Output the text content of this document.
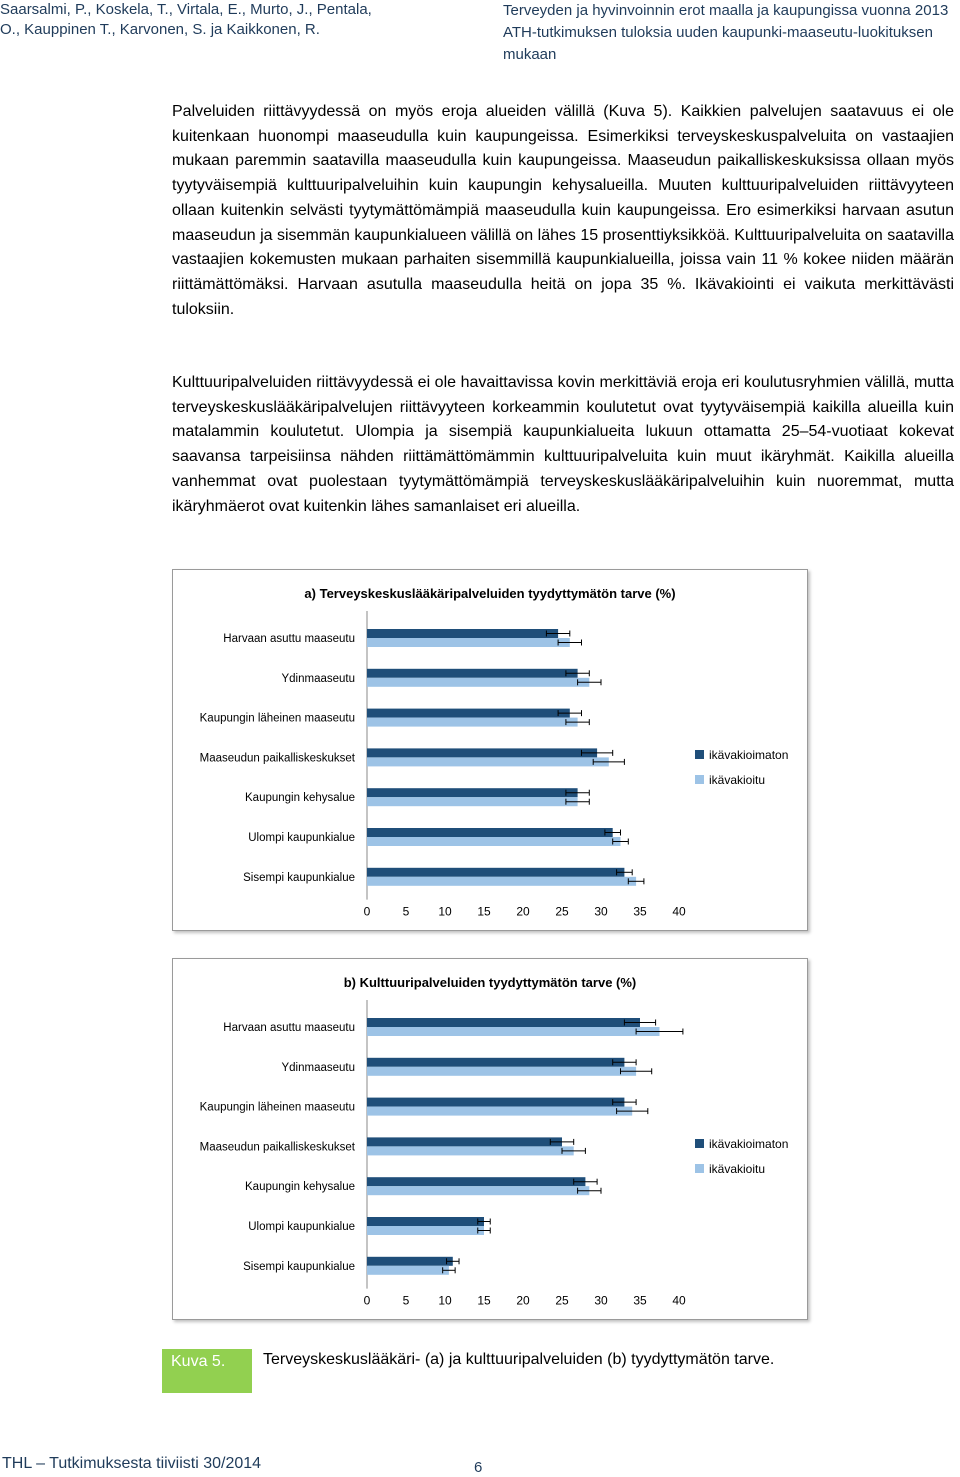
Saarsalmi, P., Koskela, T., Virtala, E., Murto, J., Pentala, O., Kauppinen T., Karvonen, S. ja Kaikkonen, R.
Terveyden ja hyvinvoinnin erot maalla ja kaupungissa vuonna 2013 ATH-tutkimuksen tuloksia uuden kaupunki-maaseutu-luokituksen mukaan
Palveluiden riittävyydessä on myös eroja alueiden välillä (Kuva 5). Kaikkien palvelujen saatavuus ei ole kuitenkaan huonompi maaseudulla kuin kaupungeissa. Esimerkiksi terveyskeskuspalveluita on vastaajien mukaan paremmin saatavilla maaseudulla kuin kaupungeissa. Maaseudun paikalliskeskuksissa ollaan myös tyytyväisempiä kulttuuripalveluihin kuin kaupungin kehysalueilla. Muuten kulttuuripalveluiden riittävyyteen ollaan kuitenkin selvästi tyytymättömämpiä maaseudulla kuin kaupungeissa. Ero esimerkiksi harvaan asutun maaseudun ja sisemmän kaupunkialueen välillä on lähes 15 prosenttiyksikköä. Kulttuuripalveluita on saatavilla vastaajien kokemusten mukaan parhaiten sisemmillä kaupunkialueilla, joissa vain 11 % kokee niiden määrän riittämättömäksi. Harvaan asutulla maaseudulla heitä on jopa 35 %. Ikävakiointi ei vaikuta merkittävästi tuloksiin.
Kulttuuripalveluiden riittävyydessä ei ole havaittavissa kovin merkittäviä eroja eri koulutusryhmien välillä, mutta terveyskeskuslääkäripalvelujen riittävyyteen korkeammin koulutetut ovat tyytyväisempiä kaikilla alueilla kuin matalammin koulutetut. Ulompia ja sisempiä kaupunkialueita lukuun ottamatta 25–54-vuotiaat kokevat saavansa tarpeisiinsa nähden riittämättömämmin kulttuuripalveluita kuin muut ikäryhmät. Kaikilla alueilla vanhemmat ovat puolestaan tyytymättömämpiä terveyskeskuslääkäripalveluihin kuin nuoremmat, mutta ikäryhmäerot ovat kuitenkin lähes samanlaiset eri alueilla.
a) Terveyskeskuslääkäripalveluiden tyydyttymätön tarve (%)
0	5 10 15 20 25 30 35 40
Harvaan asuttu maaseutu
Ydinmaaseutu
Kaupungin läheinen maaseutu
Maaseudun paikalliskeskukset
Kaupungin kehysalue
Ulompi kaupunkialue
Sisempi kaupunkialue
ikävakioimaton
ikävakioitu
b) Kulttuuripalveluiden tyydyttymätön tarve (%)
0	5 10 15 20 25 30 35 40
Harvaan asuttu maaseutu
Ydinmaaseutu
Kaupungin läheinen maaseutu
Maaseudun paikalliskeskukset
Kaupungin kehysalue
Ulompi kaupunkialue
Sisempi kaupunkialue
ikävakioimaton
ikävakioitu
Kuva 5.	Terveyskeskuslääkäri- (a) ja kulttuuripalveluiden (b) tyydyttymätön tarve.
THL – Tutkimuksesta tiiviisti 30/2014	6
